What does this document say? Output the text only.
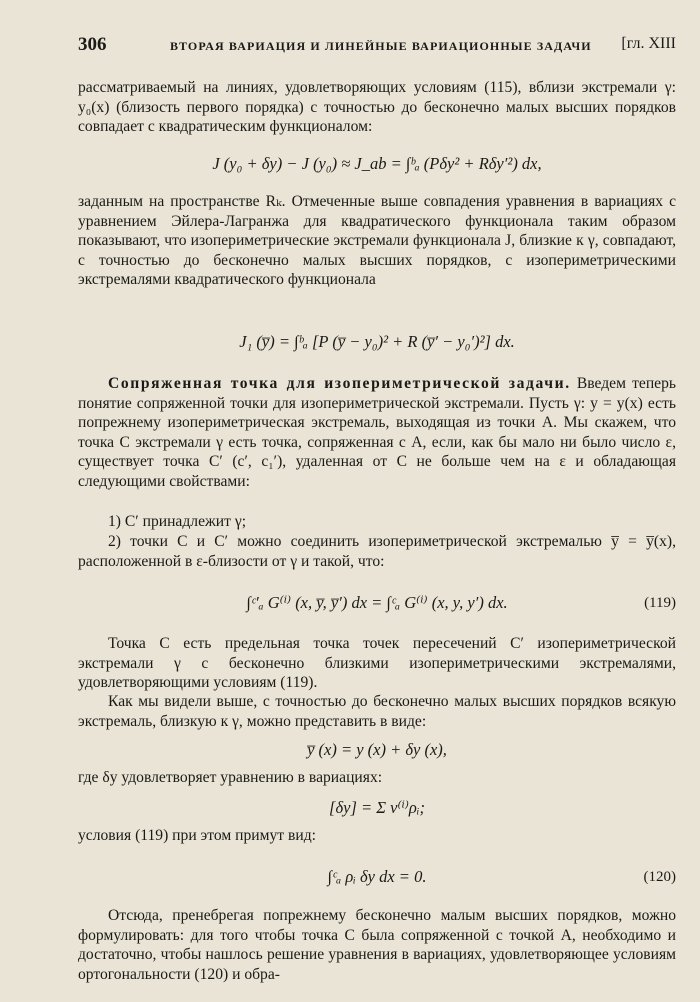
306	ВТОРАЯ ВАРИАЦИЯ И ЛИНЕЙНЫЕ ВАРИАЦИОННЫЕ ЗАДАЧИ [гл. XIII

рассматриваемый на линиях, удовлетворяющих условиям (115), вблизи экстремали γ: y₀(x) (близость первого порядка) с точностью до бесконечно малых высших порядков совпадает с квадратическим функционалом:

J (y₀ + δy) − J (y₀) ≈ J_ab = ∫ᵇₐ (Pδy² + Rδy′²) dx,

заданным на пространстве Rₖ. Отмеченные выше совпадения уравнения в вариациях с уравнением Эйлера-Лагранжа для квадратического функционала таким образом показывают, что изопериметрические экстремали функционала J, близкие к γ, совпадают, с точностью до бесконечно малых высших порядков, с изопериметрическими экстремалями квадратического функционала

J₁ (y̅) = ∫ᵇₐ [P (y̅ − y₀)² + R (y̅′ − y₀′)²] dx.

Сопряженная точка для изопериметрической задачи. Введем теперь понятие сопряженной точки для изопериметрической экстремали. Пусть γ: y = y(x) есть попрежнему изопериметрическая экстремаль, выходящая из точки A. Мы скажем, что точка C экстремали γ есть точка, сопряженная с A, если, как бы мало ни было число ε, существует точка C′ (c′, c₁′), удаленная от C не больше чем на ε и обладающая следующими свойствами:

1) C′ принадлежит γ;

2) точки C и C′ можно соединить изопериметрической экстремалью y̅ = y̅(x), расположенной в ε-близости от γ и такой, что:

∫ᶜ′ₐ G⁽ⁱ⁾ (x, y̅, y̅′) dx = ∫ᶜₐ G⁽ⁱ⁾ (x, y, y′) dx.	(119)

Точка C есть предельная точка точек пересечений C′ изопериметрической экстремали γ с бесконечно близкими изопериметрическими экстремалями, удовлетворяющими условиям (119).

Как мы видели выше, с точностью до бесконечно малых высших порядков всякую экстремаль, близкую к γ, можно представить в виде:

y̅ (x) = y (x) + δy (x),

где δy удовлетворяет уравнению в вариациях:

[δy] = Σ ν⁽ⁱ⁾ρᵢ;

условия (119) при этом примут вид:

∫ᶜₐ ρᵢ δy dx = 0.	(120)

Отсюда, пренебрегая попрежнему бесконечно малым высших порядков, можно формулировать: для того чтобы точка C была сопряженной с точкой A, необходимо и достаточно, чтобы нашлось решение уравнения в вариациях, удовлетворяющее условиям ортогональности (120) и обра-
